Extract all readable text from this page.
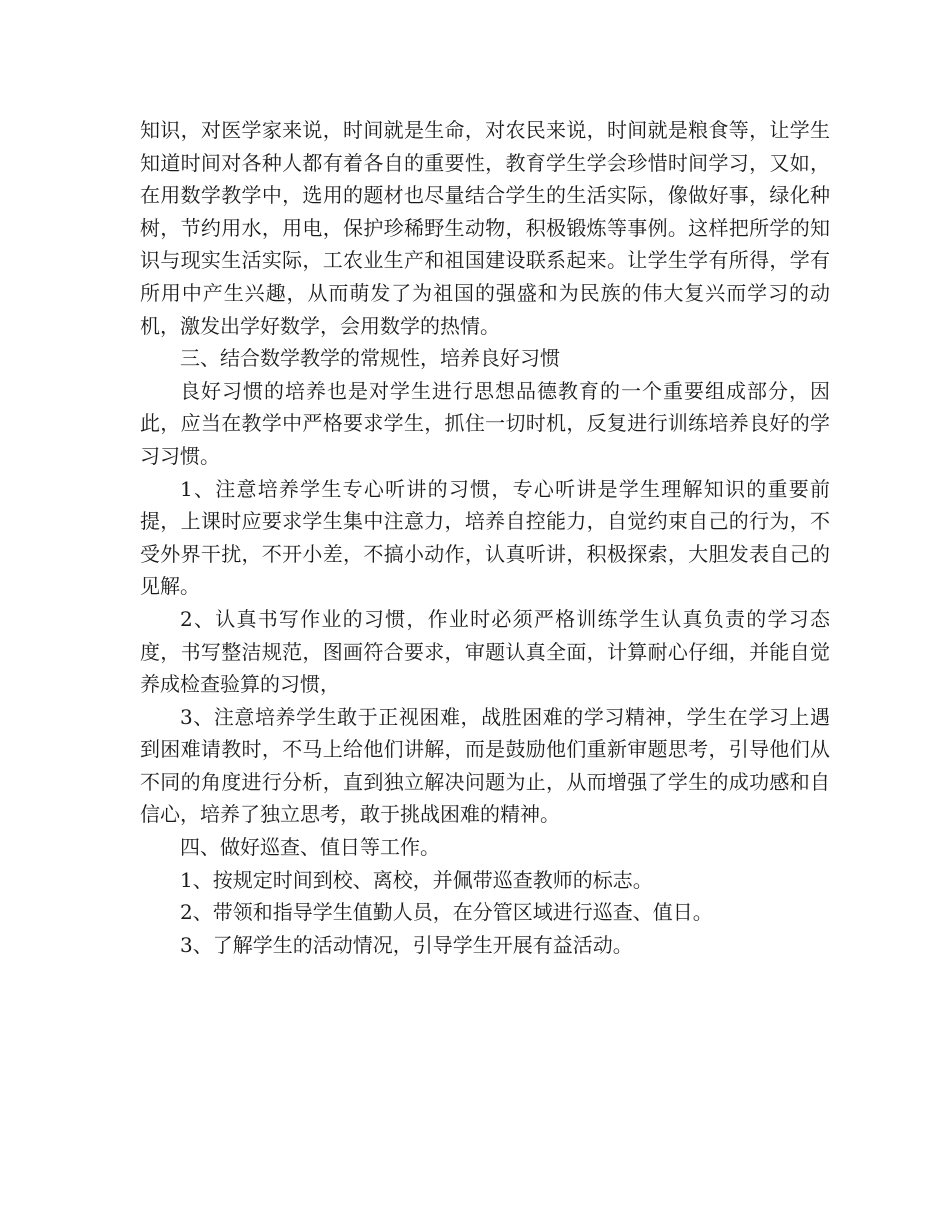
知识，对医学家来说，时间就是生命，对农民来说，时间就是粮食等，让学生知道时间对各种人都有着各自的重要性，教育学生学会珍惜时间学习，又如，在用数学教学中，选用的题材也尽量结合学生的生活实际，像做好事，绿化种树，节约用水，用电，保护珍稀野生动物，积极锻炼等事例。这样把所学的知识与现实生活实际，工农业生产和祖国建设联系起来。让学生学有所得，学有所用中产生兴趣，从而萌发了为祖国的强盛和为民族的伟大复兴而学习的动机，激发出学好数学，会用数学的热情。

三、结合数学教学的常规性，培养良好习惯

良好习惯的培养也是对学生进行思想品德教育的一个重要组成部分，因此，应当在教学中严格要求学生，抓住一切时机，反复进行训练培养良好的学习习惯。

1、注意培养学生专心听讲的习惯，专心听讲是学生理解知识的重要前提，上课时应要求学生集中注意力，培养自控能力，自觉约束自己的行为，不受外界干扰，不开小差，不搞小动作，认真听讲，积极探索，大胆发表自己的见解。

2、认真书写作业的习惯，作业时必须严格训练学生认真负责的学习态度，书写整洁规范，图画符合要求，审题认真全面，计算耐心仔细，并能自觉养成检查验算的习惯，

3、注意培养学生敢于正视困难，战胜困难的学习精神，学生在学习上遇到困难请教时，不马上给他们讲解，而是鼓励他们重新审题思考，引导他们从不同的角度进行分析，直到独立解决问题为止，从而增强了学生的成功感和自信心，培养了独立思考，敢于挑战困难的精神。

四、做好巡查、值日等工作。

1、按规定时间到校、离校，并佩带巡查教师的标志。

2、带领和指导学生值勤人员，在分管区域进行巡查、值日。

3、了解学生的活动情况，引导学生开展有益活动。
